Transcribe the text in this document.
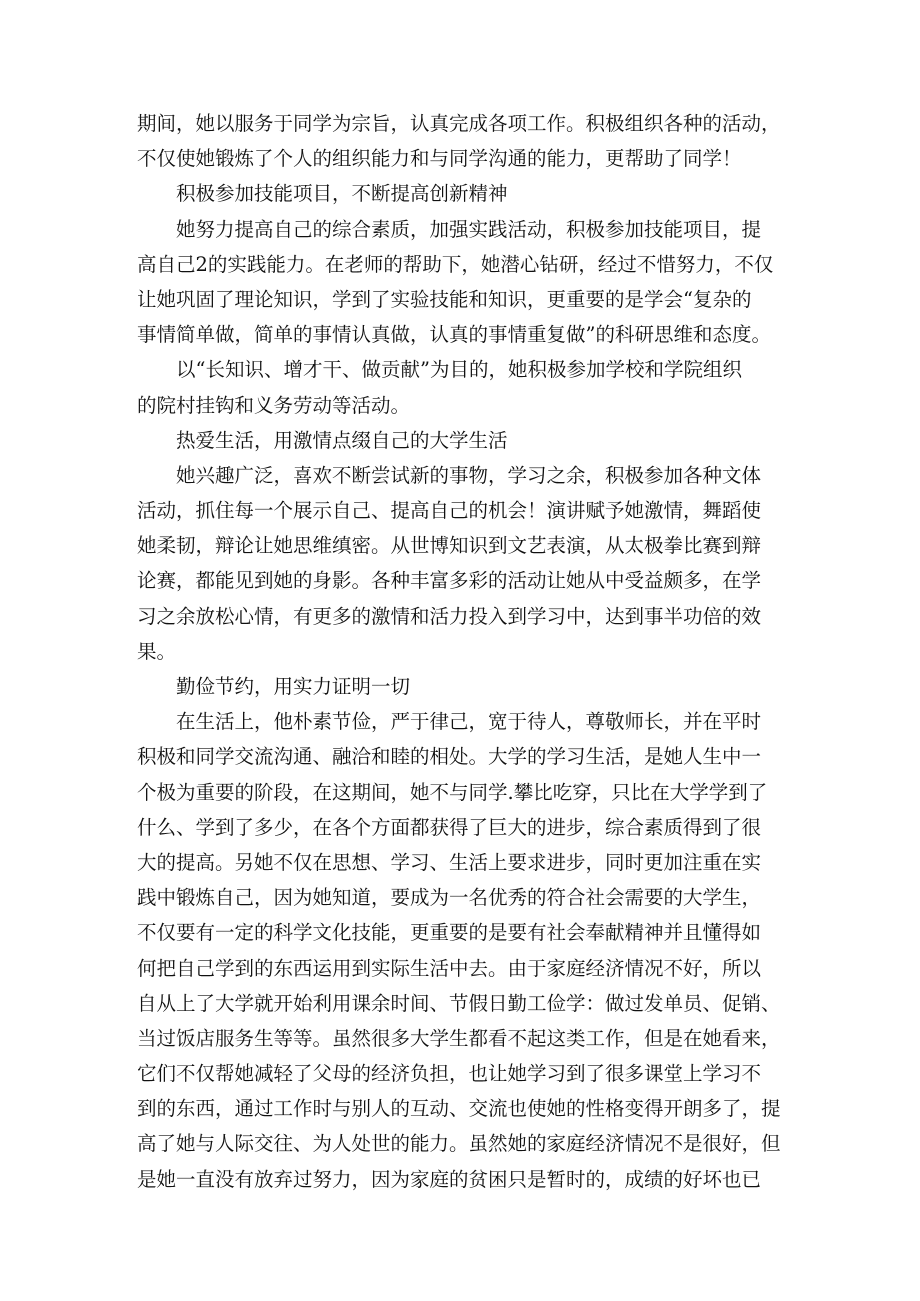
期间，她以服务于同学为宗旨，认真完成各项工作。积极组织各种的活动，
不仅使她锻炼了个人的组织能力和与同学沟通的能力，更帮助了同学！
积极参加技能项目，不断提高创新精神
她努力提高自己的综合素质，加强实践活动，积极参加技能项目，提
高自己2的实践能力。在老师的帮助下，她潜心钻研，经过不惜努力，不仅
让她巩固了理论知识，学到了实验技能和知识，更重要的是学会“复杂的
事情简单做，简单的事情认真做，认真的事情重复做”的科研思维和态度。
以“长知识、增才干、做贡献”为目的，她积极参加学校和学院组织
的院村挂钩和义务劳动等活动。
热爱生活，用激情点缀自己的大学生活
她兴趣广泛，喜欢不断尝试新的事物，学习之余，积极参加各种文体
活动，抓住每一个展示自己、提高自己的机会！演讲赋予她激情，舞蹈使
她柔韧，辩论让她思维缜密。从世博知识到文艺表演，从太极拳比赛到辩
论赛，都能见到她的身影。各种丰富多彩的活动让她从中受益颇多，在学
习之余放松心情，有更多的激情和活力投入到学习中，达到事半功倍的效
果。
勤俭节约，用实力证明一切
在生活上，他朴素节俭，严于律己，宽于待人，尊敬师长，并在平时
积极和同学交流沟通、融洽和睦的相处。大学的学习生活，是她人生中一
个极为重要的阶段，在这期间，她不与同学.攀比吃穿，只比在大学学到了
什么、学到了多少，在各个方面都获得了巨大的进步，综合素质得到了很
大的提高。另她不仅在思想、学习、生活上要求进步，同时更加注重在实
践中锻炼自己，因为她知道，要成为一名优秀的符合社会需要的大学生，
不仅要有一定的科学文化技能，更重要的是要有社会奉献精神并且懂得如
何把自己学到的东西运用到实际生活中去。由于家庭经济情况不好，所以
自从上了大学就开始利用课余时间、节假日勤工俭学：做过发单员、促销、
当过饭店服务生等等。虽然很多大学生都看不起这类工作，但是在她看来，
它们不仅帮她减轻了父母的经济负担，也让她学习到了很多课堂上学习不
到的东西，通过工作时与别人的互动、交流也使她的性格变得开朗多了，提
高了她与人际交往、为人处世的能力。虽然她的家庭经济情况不是很好，但
是她一直没有放弃过努力，因为家庭的贫困只是暂时的，成绩的好坏也已
